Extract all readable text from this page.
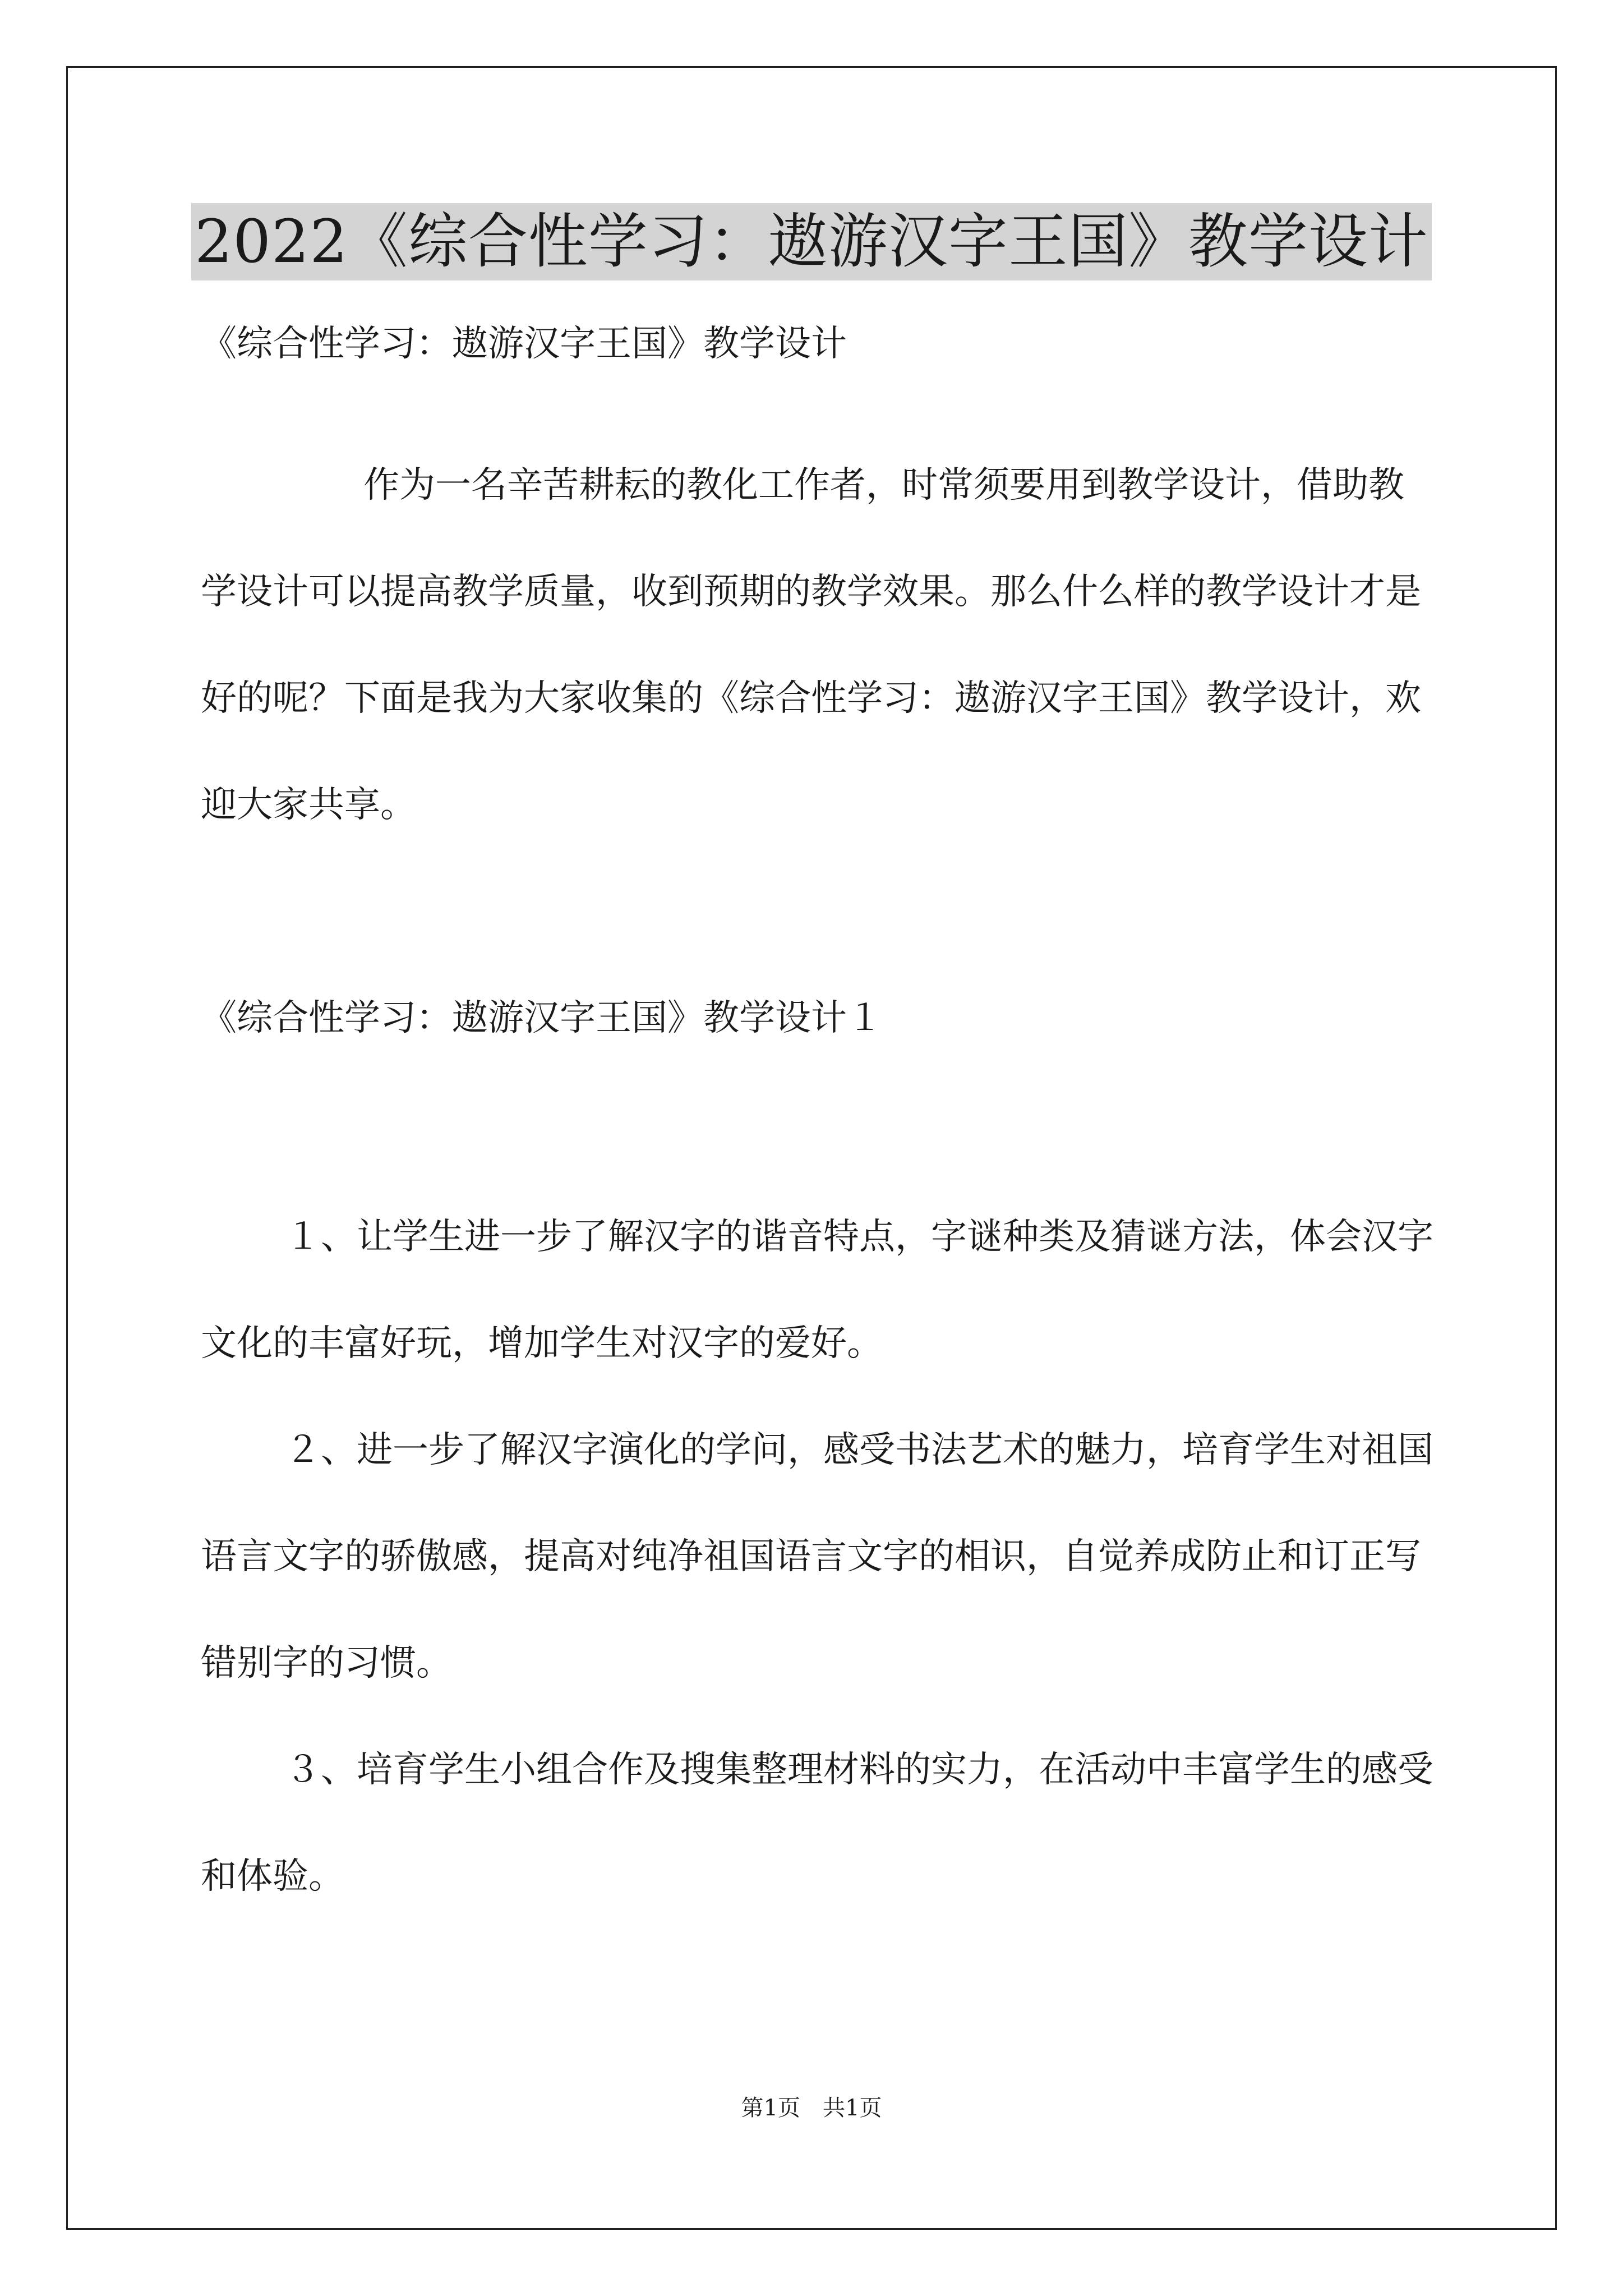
2022《综合性学习：遨游汉字王国》教学设计
《综合性学习：遨游汉字王国》教学设计

作为一名辛苦耕耘的教化工作者，时常须要用到教学设计，借助教学设计可以提高教学质量，收到预期的教学效果。那么什么样的教学设计才是好的呢？下面是我为大家收集的《综合性学习：遨游汉字王国》教学设计，欢迎大家共享。

《综合性学习：遨游汉字王国》教学设计１

１、让学生进一步了解汉字的谐音特点，字谜种类及猜谜方法，体会汉字文化的丰富好玩，增加学生对汉字的爱好。

２、进一步了解汉字演化的学问，感受书法艺术的魅力，培育学生对祖国语言文字的骄傲感，提高对纯净祖国语言文字的相识，自觉养成防止和订正写错别字的习惯。

３、培育学生小组合作及搜集整理材料的实力，在活动中丰富学生的感受和体验。

第1页　共1页
